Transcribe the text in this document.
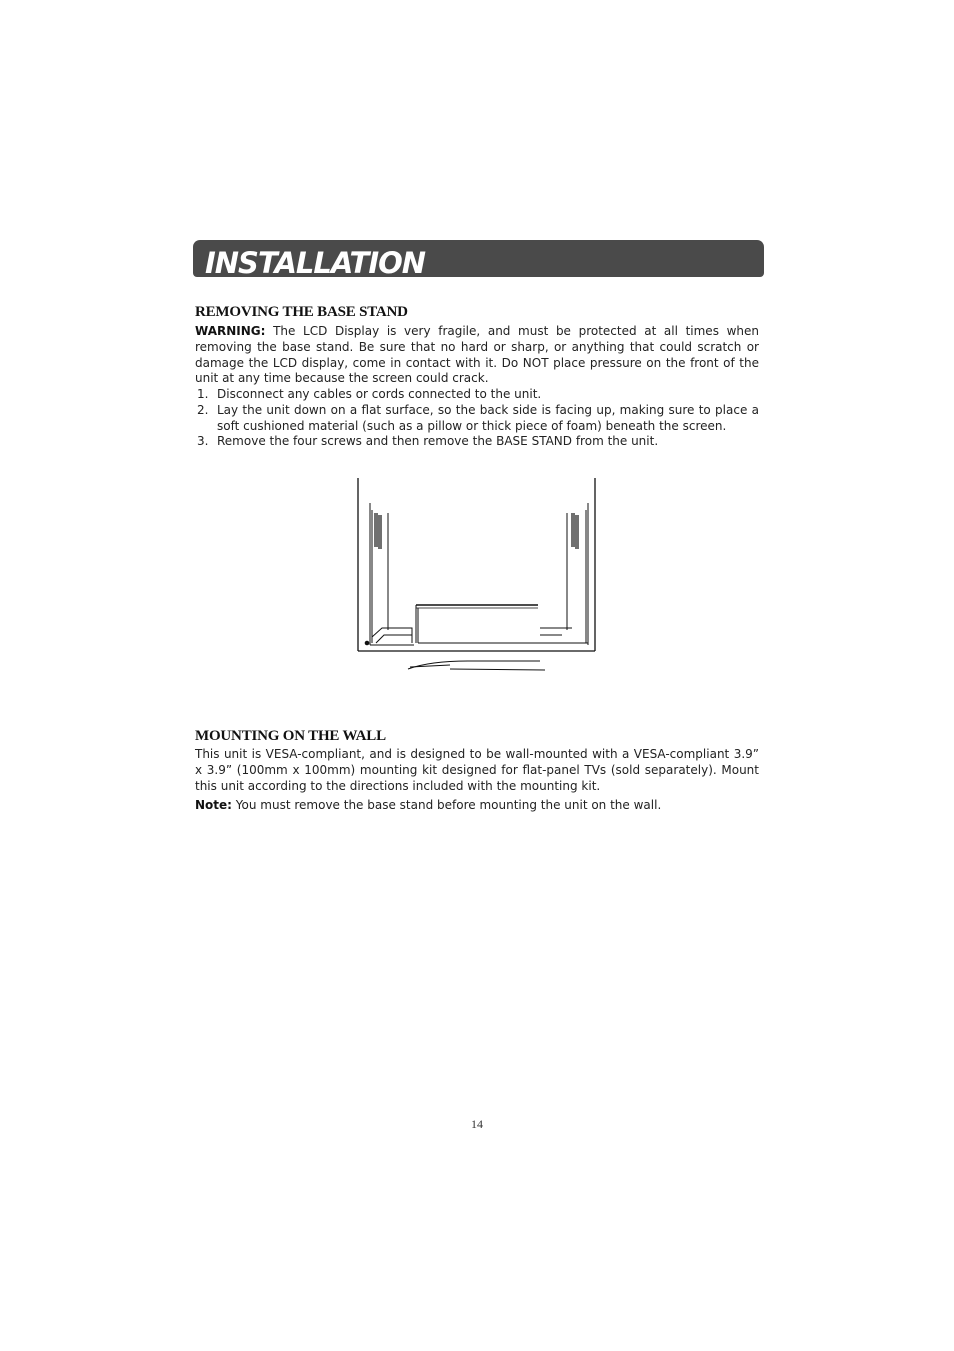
INSTALLATION
REMOVING THE BASE STAND

WARNING: The LCD Display is very fragile, and must be protected at all times when removing the base stand. Be sure that no hard or sharp, or anything that could scratch or damage the LCD display, come in contact with it. Do NOT place pressure on the front of the unit at any time because the screen could crack.

1. Disconnect any cables or cords connected to the unit.
2. Lay the unit down on a flat surface, so the back side is facing up, making sure to place a soft cushioned material (such as a pillow or thick piece of foam) beneath the screen.
3. Remove the four screws and then remove the BASE STAND from the unit.
MOUNTING ON THE WALL

This unit is VESA-compliant, and is designed to be wall-mounted with a VESA-compliant 3.9” x 3.9” (100mm x 100mm) mounting kit designed for flat-panel TVs (sold separately). Mount this unit according to the directions included with the mounting kit.

Note: You must remove the base stand before mounting the unit on the wall.

14
